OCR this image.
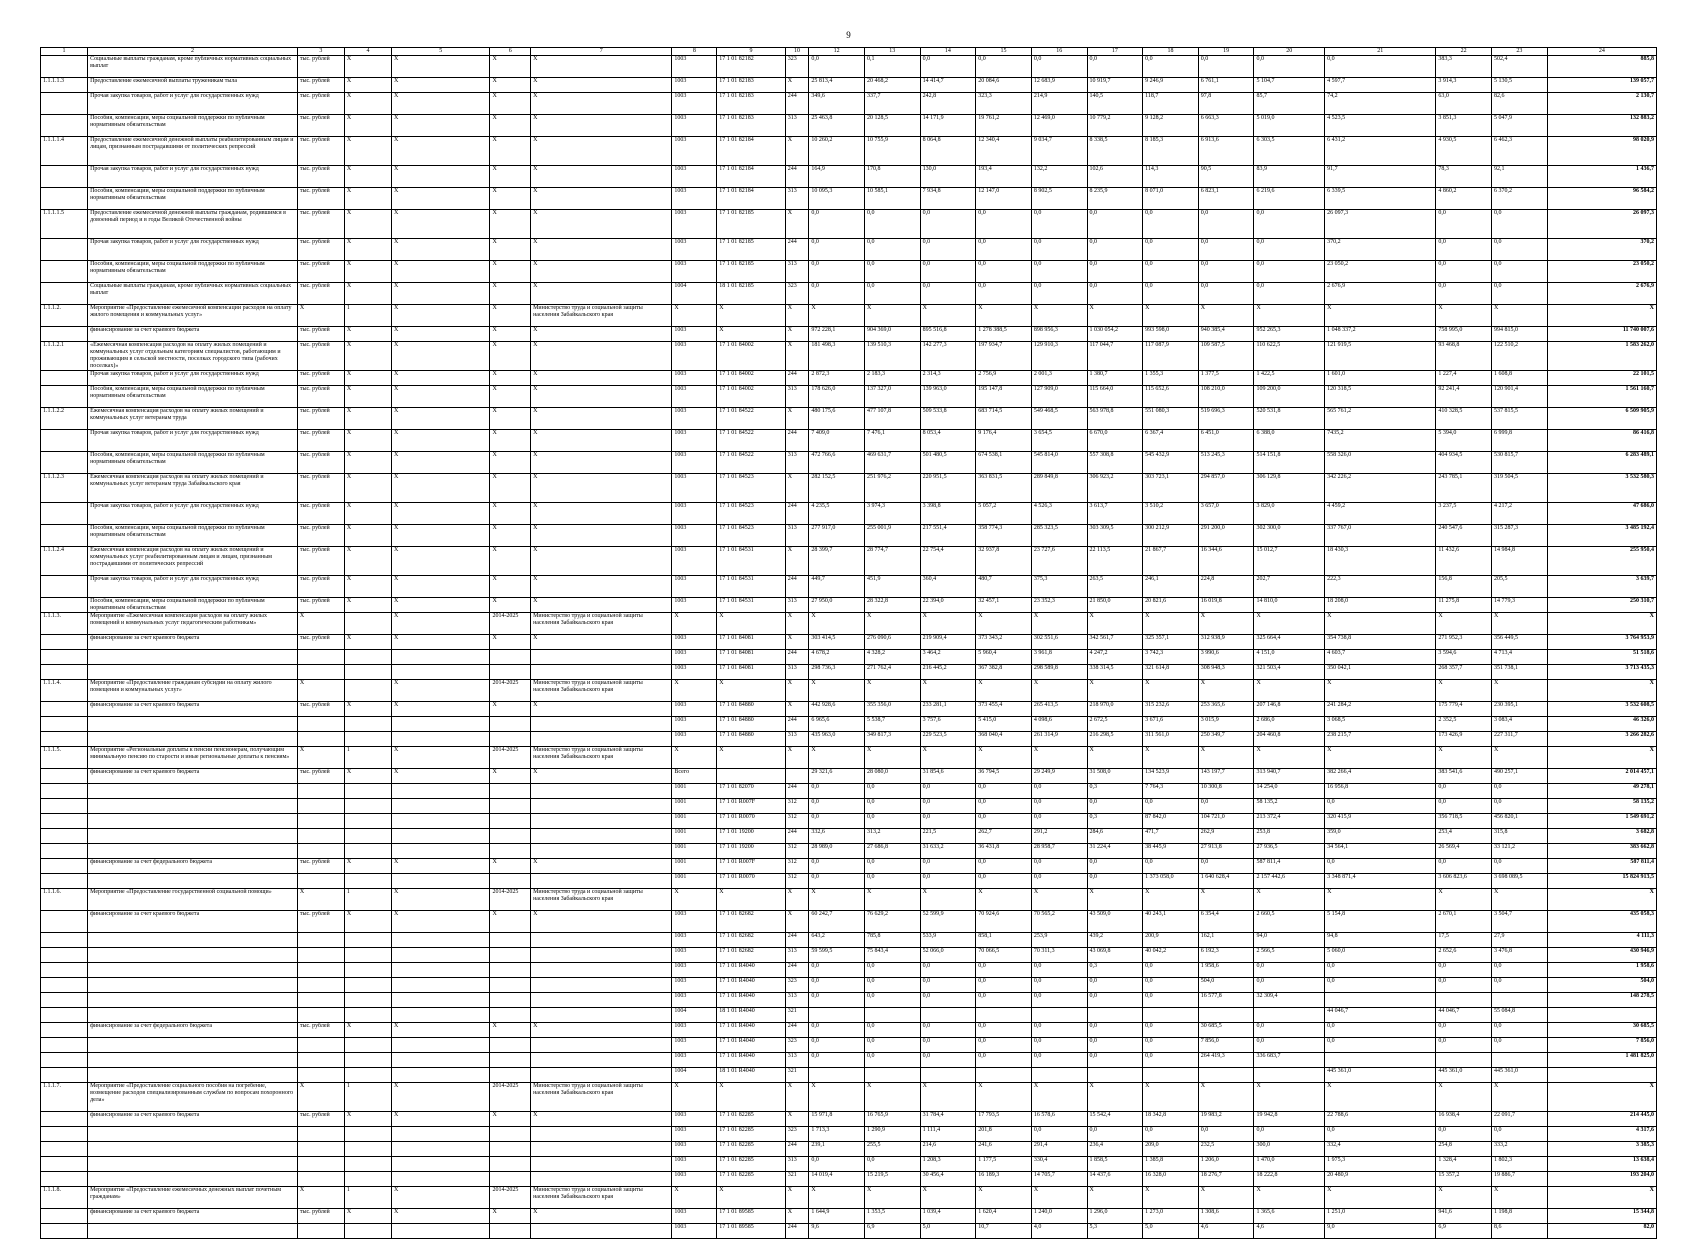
9
1	2	3	4	5	6	7	8	9	10	12	13	14	15	16	17	18	19	20	21	22	23	24
	Социальные выплаты гражданам, кроме публичных нормативных социальных выплат	тыс. рублей	X	X	X	X	1003	17 1 01 82182	323	0,0	0,1	0,0	0,0	0,0	0,0	0,0	0,0	0,0	0,0	383,3	502,4	885,8
1.1.1.1.3	Предоставление ежемесячной выплаты труженикам тыла	тыс. рублей	X	X	X	X	1003	17 1 01 82183	X	25 813,4	20 468,2	14 414,7	20 084,6	12 683,9	10 919,7	9 246,9	6 761,1	5 104,7	4 597,7	3 914,3	5 130,5	139 057,7
	Прочая закупка товаров, работ и услуг для государственных нужд	тыс. рублей	X	X	X	X	1003	17 1 01 82183	244	349,6	337,7	242,8	323,3	214,9	140,5	118,7	97,8	85,7	74,2	63,0	82,6	2 130,7
	Пособия, компенсации, меры социальной поддержки по публичным нормативным обязательствам	тыс. рублей	X	X	X	X	1003	17 1 01 82183	313	25 463,8	20 128,5	14 171,9	19 761,2	12 469,0	10 779,2	9 128,2	6 663,3	5 019,0	4 523,5	3 851,3	5 047,9	132 883,2
1.1.1.1.4	Предоставление ежемесячной денежной выплаты реабилитированным лицам и лицам, признанным пострадавшими от политических репрессий	тыс. рублей	X	X	X	X	1003	17 1 01 82184	X	10 260,2	10 755,9	8 064,8	12 340,4	9 034,7	8 338,5	8 185,3	6 913,6	6 303,5	6 431,2	4 930,5	6 462,3	98 020,9
	Прочая закупка товаров, работ и услуг для государственных нужд	тыс. рублей	X	X	X	X	1003	17 1 01 82184	244	164,9	170,8	130,0	193,4	132,2	102,6	114,3	90,5	83,9	91,7	78,3	92,1	1 436,7
	Пособия, компенсации, меры социальной поддержки по публичным нормативным обязательствам	тыс. рублей	X	X	X	X	1003	17 1 01 82184	313	10 095,3	10 585,1	7 934,8	12 147,0	8 902,5	8 235,9	8 071,0	6 823,1	6 219,6	6 339,5	4 860,2	6 370,2	96 584,2
1.1.1.1.5	Предоставление ежемесячной денежной выплаты гражданам, родившимся в довоенный период и в годы Великой Отечественной войны	тыс. рублей	X	X	X	X	1003	17 1 01 82185	X	0,0	0,0	0,0	0,0	0,0	0,0	0,0	0,0	0,0	26 097,3	0,0	0,0	26 097,3
	Прочая закупка товаров, работ и услуг для государственных нужд	тыс. рублей	X	X	X	X	1003	17 1 01 82185	244	0,0	0,0	0,0	0,0	0,0	0,0	0,0	0,0	0,0	370,2	0,0	0,0	370,2
	Пособия, компенсации, меры социальной поддержки по публичным нормативным обязательствам	тыс. рублей	X	X	X	X	1003	17 1 01 82185	313	0,0	0,0	0,0	0,0	0,0	0,0	0,0	0,0	0,0	23 050,2	0,0	0,0	23 050,2
	Социальные выплаты гражданам, кроме публичных нормативных социальных выплат	тыс. рублей	X	X	X	X	1004	18 1 01 82185	323	0,0	0,0	0,0	0,0	0,0	0,0	0,0	0,0	0,0	2 676,9	0,0	0,0	2 676,9
1.1.1.2.	Мероприятие «Предоставление ежемесячной компенсации расходов на оплату жилого помещения и коммунальных услуг»	X	1	X	X	Министерство труда и социальной защиты населения Забайкальского края	X	X	X	X	X	X	X	X	X	X	X	X	X	X	X	X
	финансирование за счет краевого бюджета	тыс. рублей	X	X	X	X	1003	X	X	972 228,1	904 369,0	895 516,8	1 278 388,5	898 956,3	1 030 054,2	993 598,0	940 385,4	952 265,3	1 048 337,2	758 995,0	994 815,0	11 740 007,6
1.1.1.2.1	«Ежемесячная компенсация расходов на оплату жилых помещений и коммунальных услуг отдельным категориям специалистов, работающим и проживающим в сельской местности, поселках городского типа (рабочих поселках)»	тыс. рублей	X	X	X	X	1003	17 1 01 84002	X	181 498,3	139 510,3	142 277,3	197 934,7	129 910,3	117 044,7	117 087,9	109 587,5	110 622,5	121 919,5	93 468,8	122 510,2	1 583 262,0
	Прочая закупка товаров, работ и услуг для государственных нужд	тыс. рублей	X	X	X	X	1003	17 1 01 84002	244	2 872,3	2 183,3	2 314,3	2 756,9	2 001,3	1 380,7	1 355,3	1 377,5	1 422,5	1 601,0	1 227,4	1 608,8	22 101,5
	Пособия, компенсации, меры социальной поддержки по публичным нормативным обязательствам	тыс. рублей	X	X	X	X	1003	17 1 01 84002	313	178 626,0	137 327,0	139 963,0	195 147,8	127 909,0	115 664,0	115 652,6	108 210,0	109 200,0	120 318,5	92 241,4	120 901,4	1 561 160,7
1.1.1.2.2	Ежемесячная компенсация расходов на оплату жилых помещений и коммунальных услуг ветеранам труда	тыс. рублей	X	X	X	X	1003	17 1 01 84522	X	480 175,6	477 107,8	509 533,8	683 714,5	549 468,5	563 978,8	551 080,3	519 696,3	520 531,8	565 761,2	410 328,5	537 815,5	6 509 905,9
	Прочая закупка товаров, работ и услуг для государственных нужд	тыс. рублей	X	X	X	X	1003	17 1 01 84522	244	7 409,0	7 476,1	8 053,4	9 176,4	3 654,5	6 670,0	6 367,4	6 451,0	6 388,0	7435,2	5 394,0	6 999,8	86 416,8
	Пособия, компенсации, меры социальной поддержки по публичным нормативным обязательствам	тыс. рублей	X	X	X	X	1003	17 1 01 84522	313	472 766,6	469 631,7	501 480,5	674 538,1	545 814,0	557 308,8	545 432,9	513 245,3	514 151,8	558 326,0	404 934,5	530 815,7	6 283 489,1
1.1.1.2.3	Ежемесячная компенсация расходов на оплату жилых помещений и коммунальных услуг ветеранам труда Забайкальского края	тыс. рублей	X	X	X	X	1003	17 1 01 84523	X	282 152,5	251 976,2	220 951,5	363 831,5	289 849,8	306 923,2	303 723,1	294 857,0	306 129,8	342 226,2	243 785,1	319 504,5	3 532 580,3
	Прочая закупка товаров, работ и услуг для государственных нужд	тыс. рублей	X	X	X	X	1003	17 1 01 84523	244	4 235,5	3 974,3	3 398,8	5 057,2	4 526,3	3 613,7	3 510,2	3 657,0	3 829,0	4 459,2	3 237,5	4 217,2	47 686,0
	Пособия, компенсации, меры социальной поддержки по публичным нормативным обязательствам	тыс. рублей	X	X	X	X	1003	17 1 01 84523	313	277 917,0	255 001,9	217 551,4	358 774,3	285 323,5	303 309,5	300 212,9	291 200,0	302 300,0	337 767,0	240 547,6	315 287,3	3 485 192,4
1.1.1.2.4	Ежемесячная компенсация расходов на оплату жилых помещений и коммунальных услуг реабилитированным лицам и лицам, признанным пострадавшими от политических репрессий	тыс. рублей	X	X	X	X	1003	17 1 01 84531	X	28 399,7	28 774,7	22 754,4	32 937,8	23 727,6	22 113,5	21 867,7	16 344,6	15 012,7	18 430,3	11 432,6	14 984,8	255 950,4
	Прочая закупка товаров, работ и услуг для государственных нужд	тыс. рублей	X	X	X	X	1003	17 1 01 84531	244	449,7	451,9	360,4	480,7	375,3	263,5	246,1	224,8	202,7	222,3	156,8	205,5	3 639,7
	Пособия, компенсации, меры социальной поддержки по публичным нормативным обязательствам	тыс. рублей	X	X	X	X	1003	17 1 01 84531	313	27 950,0	28 322,8	22 394,0	32 457,1	23 352,3	21 850,0	20 821,6	16 019,8	14 810,0	18 208,0	11 275,8	14 779,3	250 310,7
1.1.1.3.	Мероприятие «Ежемесячная компенсация расходов на оплату жилых помещений и коммунальных услуг педагогическим работникам»	X		X	2014-2025	Министерство труда и социальной защиты населения Забайкальского края	X	X	X	X	X	X	X	X	X	X	X	X	X	X	X	X
	финансирование за счет краевого бюджета	тыс. рублей	X	X	X	X	1003	17 1 01 84081	X	303 414,5	276 090,6	219 909,4	373 343,2	302 551,6	342 561,7	325 357,1	312 938,9	325 664,4	354 738,8	271 952,3	356 449,5	3 764 953,9
							1003	17 1 01 84081	244	4 678,2	4 328,2	3 464,2	5 960,4	3 961,8	4 247,2	3 742,3	3 990,6	4 151,0	4 603,7	3 594,6	4 713,4	51 518,6
							1003	17 1 01 84081	313	298 736,3	271 762,4	216 445,2	367 382,8	298 589,8	338 314,5	321 614,8	308 948,3	321 503,4	350 042,1	268 357,7	351 738,1	3 713 435,3
1.1.1.4.	Мероприятие «Предоставление гражданам субсидии на оплату жилого помещения и коммунальных услуг»	X		X	2014-2025	Министерство труда и социальной защиты населения Забайкальского края	X	X	X	X	X	X	X	X	X	X	X	X	X	X	X	X
	финансирование за счет краевого бюджета	тыс. рублей	X	X	X	X	1003	17 1 01 84880	X	442 928,6	355 356,0	233 281,1	373 455,4	265 413,5	218 970,0	315 232,6	253 365,6	207 146,8	241 284,2	175 779,4	230 395,1	3 532 608,5
							1003	17 1 01 84880	244	6 965,6	5 538,7	3 757,6	5 415,0	4 098,6	2 672,5	3 671,6	3 015,9	2 686,0	3 068,5	2 352,5	3 083,4	46 326,0
							1003	17 1 01 84880	313	435 963,0	349 817,3	229 523,5	368 040,4	261 314,9	216 298,5	311 561,0	250 349,7	204 460,8	238 215,7	173 426,9	227 311,7	3 266 282,6
1.1.1.5.	Мероприятие «Региональные доплаты к пенсии пенсионерам, получающим минимальную пенсию по старости и иные региональные доплаты к пенсиям»	X	1	X	2014-2025	Министерство труда и социальной защиты населения Забайкальского края	X	X	X	X	X	X	X	X	X	X	X	X	X	X	X	X
	финансирование за счет краевого бюджета	тыс. рублей	X	X	X	X	Всего			29 321,6	28 080,0	31 854,6	36 794,5	29 249,9	31 508,0	134 523,9	143 197,7	313 940,7	382 266,4	383 541,6	490 257,1	2 014 457,1
							1001	17 1 01 82070	244	0,0	0,0	0,0	0,0	0,0	0,3	7 764,3	10 300,8	14 254,0	16 956,8	0,0	0,0	49 278,1
							1001	17 1 01 R007F	312	0,0	0,0	0,0	0,0	0,0	0,0	0,0	0,0	58 135,2	0,0	0,0	0,0	58 135,2
							1001	17 1 01 R0070	312	0,0	0,0	0,0	0,0	0,0	0,3	87 842,0	104 721,0	213 372,4	320 415,9	356 718,5	456 820,1	1 549 691,2
							1001	17 1 01 19200	244	332,6	313,2	221,5	262,7	291,2	284,6	471,7	262,9	253,8	359,0	253,4	315,8	3 682,8
							1001	17 1 01 19200	312	28 989,0	27 686,8	31 633,2	36 431,8	28 958,7	31 224,4	38 445,9	27 913,8	27 936,5	34 564,1	26 569,4	33 121,2	383 662,8
	финансирование за счет федерального бюджета	тыс. рублей	X	X	X	X	1001	17 1 01 R007F	312	0,0	0,0	0,0	0,0	0,0	0,0	0,0	0,0	587 811,4	0,0	0,0	0,0	587 811,4
							1001	17 1 01 R0070	312	0,0	0,0	0,0	0,0	0,0	0,0	1 373 058,0	1 640 628,4	2 157 442,6	3 348 871,4	3 606 823,6	3 698 089,5	15 824 913,5
1.1.1.6.	Мероприятие «Предоставление государственной социальной помощи»	X	1	X	2014-2025	Министерство труда и социальной защиты населения Забайкальского края	X	X	X	X	X	X	X	X	X	X	X	X	X	X	X	X
	финансирование за счет краевого бюджета	тыс. рублей	X	X	X	X	1003	17 1 01 82682	X	60 242,7	76 629,2	52 599,9	70 924,6	70 565,2	43 509,0	40 243,1	6 354,4	2 660,5	5 154,8	2 670,1	3 504,7	435 058,3
							1003	17 1 01 82682	244	643,2	785,8	533,9	858,1	253,9	439,2	200,9	162,1	94,0	94,8	17,5	27,9	4 111,3
							1003	17 1 01 82682	313	59 599,5	75 843,4	52 066,0	70 066,5	70 311,3	43 069,8	40 042,2	6 192,3	2 566,5	5 060,0	2 652,6	3 476,8	430 946,9
							1003	17 1 01 R4040	244	0,0	0,0	0,0	0,0	0,0	0,3	0,0	1 958,6	0,0	0,0	0,0	0,0	1 958,6
							1003	17 1 01 R4040	323	0,0	0,0	0,0	0,0	0,0	0,0	0,0	504,0	0,0	0,0	0,0	0,0	504,0
							1003	17 1 01 R4040	313	0,0	0,0	0,0	0,0	0,0	0,0	0,0	16 577,8	32 309,4				148 278,5
							1004	18 1 01 R4040	321										44 046,7	44 046,7	55 084,8	
	финансирование за счет федерального бюджета	тыс. рублей	X	X	X	X	1003	17 1 01 R4040	244	0,0	0,0	0,0	0,0	0,0	0,0	0,0	30 685,5	0,0	0,0	0,0	0,0	30 685,5
							1003	17 1 01 R4040	323	0,0	0,0	0,0	0,0	0,0	0,0	0,0	7 856,0	0,0	0,0	0,0	0,0	7 856,0
							1003	17 1 01 R4040	313	0,0	0,0	0,0	0,0	0,0	0,0	0,0	264 419,3	336 683,7				1 481 825,0
							1004	18 1 01 R4040	321										445 361,0	445 361,0	445 361,0	
1.1.1.7.	Мероприятие «Предоставление социального пособия на погребение, возмещение расходов специализированным службам по вопросам похоронного дела»	X	1	X	2014-2025	Министерство труда и социальной защиты населения Забайкальского края	X	X	X	X	X	X	X	X	X	X	X	X	X	X	X	X
	финансирование за счет краевого бюджета	тыс. рублей	X	X	X	X	1003	17 1 01 82285	X	15 971,8	16 765,9	31 784,4	17 793,5	16 578,6	15 542,4	18 342,8	19 983,2	19 942,8	22 788,6	16 938,4	22 091,7	214 445,0
							1003	17 1 01 82285	323	1 713,3	1 290,9	1 111,4	201,8	0,0	0,0	0,0	0,0	0,0	0,0	0,0	0,0	4 317,6
							1003	17 1 01 82285	244	239,1	255,5	214,6	241,6	291,4	236,4	209,0	232,5	300,0	332,4	254,8	333,2	3 385,3
							1003	17 1 01 82285	313	0,0	0,0	1 208,3	1 177,5	330,4	1 858,5	1 385,8	1 206,0	1 470,0	1 975,3	1 328,4	1 802,3	13 638,4
							1003	17 1 01 82285	321	14 019,4	15 219,5	30 456,4	16 189,3	14 705,7	14 437,6	16 328,0	18 276,7	18 222,8	20 480,9	15 357,2	19 886,7	193 204,0
1.1.1.8.	Мероприятие «Предоставление ежемесячных денежных выплат почетным гражданам»	X	1	X	2014-2025	Министерство труда и социальной защиты населения Забайкальского края	X	X	X	X	X	X	X	X	X	X	X	X	X	X	X	X
	финансирование за счет краевого бюджета	тыс. рублей	X	X	X	X	1003	17 1 01 89585	X	1 644,9	1 353,5	1 039,4	1 620,4	1 240,0	1 296,0	1 273,0	1 308,6	1 365,6	1 251,0	941,6	1 198,8	15 344,8
							1003	17 1 01 89585	244	9,6	6,9	5,0	10,7	4,0	5,3	5,0	4,6	4,6	9,0	6,9	8,6	82,0
